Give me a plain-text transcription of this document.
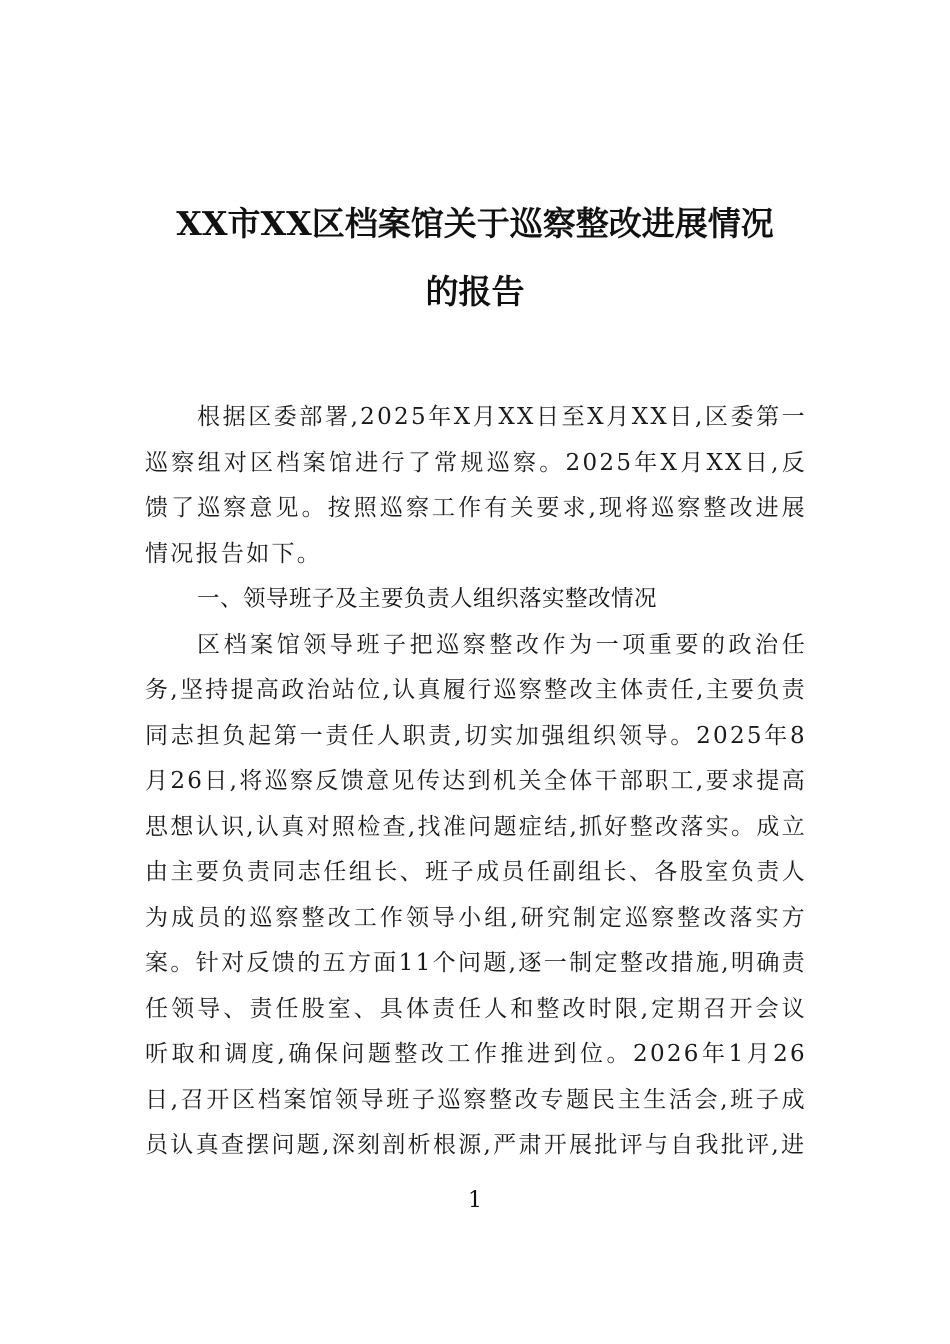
XX市XX区档案馆关于巡察整改进展情况
的报告

根据区委部署,2025年X月XX日至X月XX日,区委第一巡察组对区档案馆进行了常规巡察。2025年X月XX日,反馈了巡察意见。按照巡察工作有关要求,现将巡察整改进展情况报告如下。

一、领导班子及主要负责人组织落实整改情况

区档案馆领导班子把巡察整改作为一项重要的政治任务,坚持提高政治站位,认真履行巡察整改主体责任,主要负责同志担负起第一责任人职责,切实加强组织领导。2025年8月26日,将巡察反馈意见传达到机关全体干部职工,要求提高思想认识,认真对照检查,找准问题症结,抓好整改落实。成立由主要负责同志任组长、班子成员任副组长、各股室负责人为成员的巡察整改工作领导小组,研究制定巡察整改落实方案。针对反馈的五方面11个问题,逐一制定整改措施,明确责任领导、责任股室、具体责任人和整改时限,定期召开会议听取和调度,确保问题整改工作推进到位。2026年1月26日,召开区档案馆领导班子巡察整改专题民主生活会,班子成员认真查摆问题,深刻剖析根源,严肃开展批评与自我批评,进

1
